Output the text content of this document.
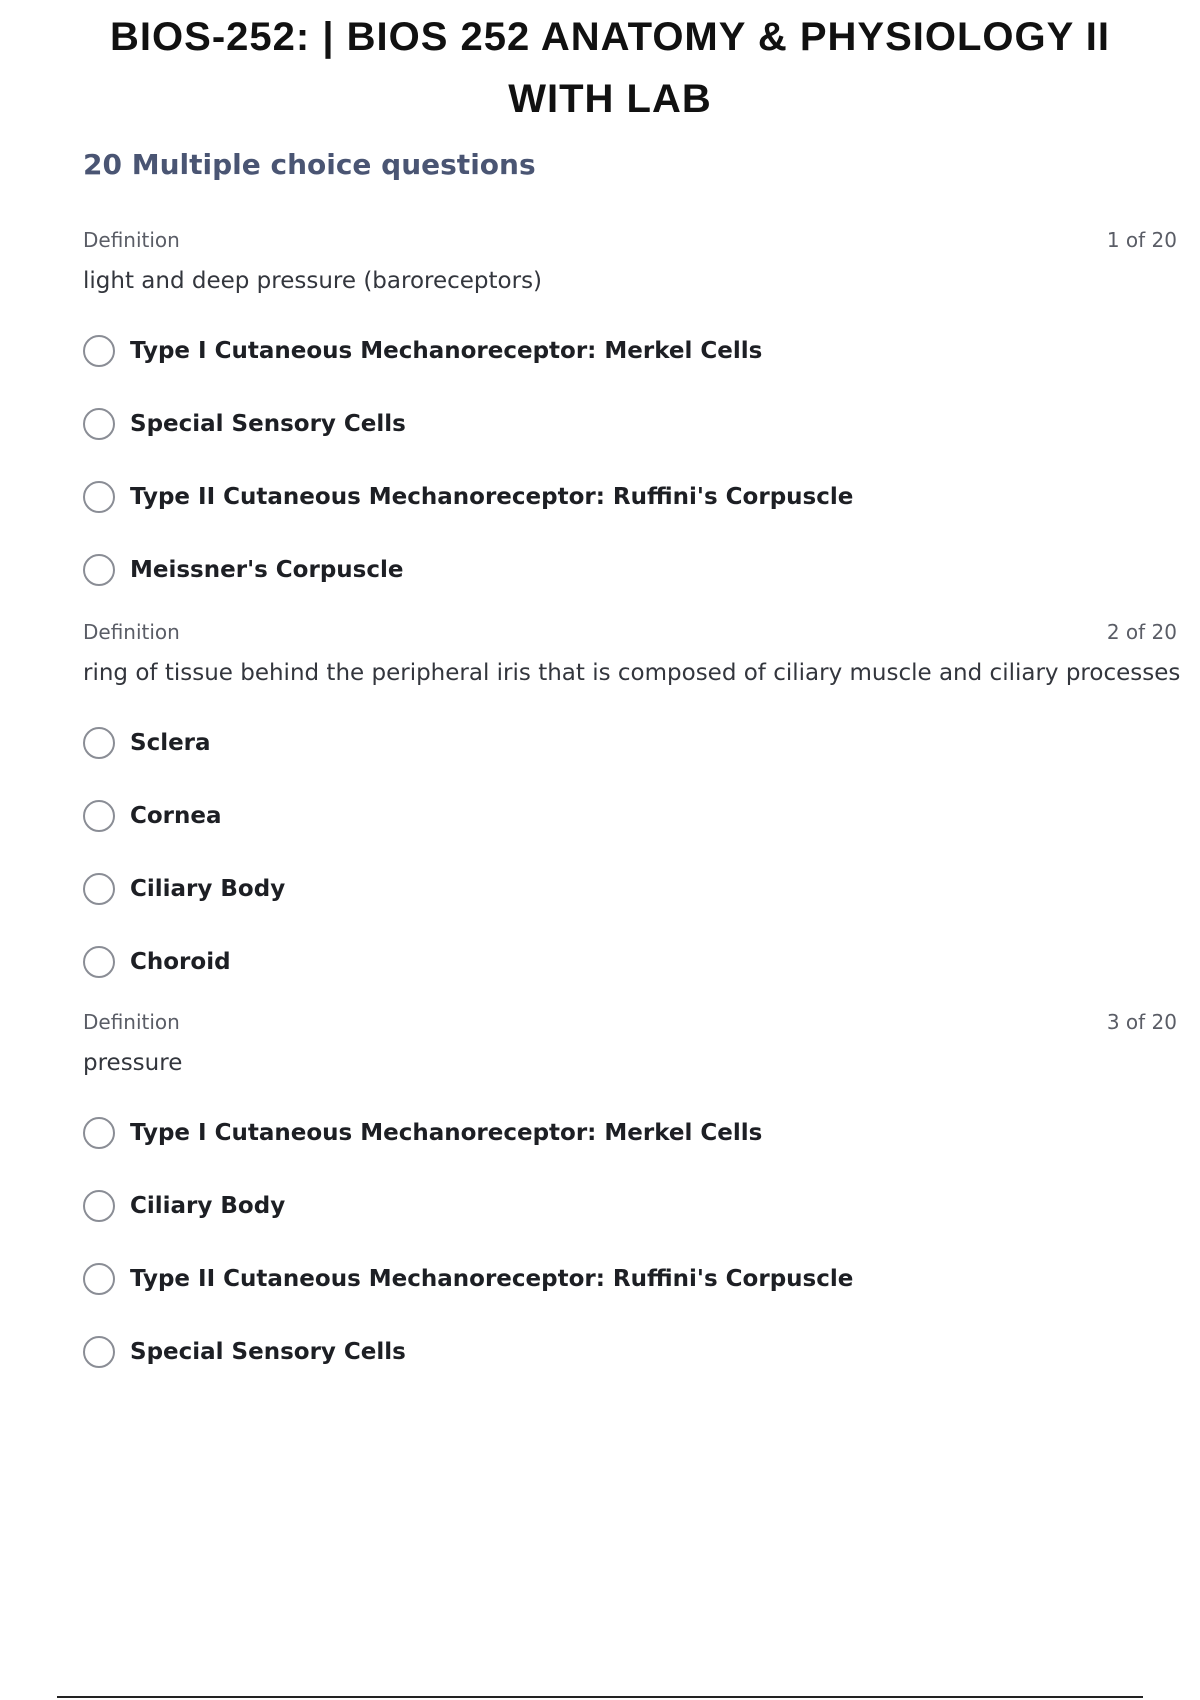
BIOS-252: | BIOS 252 ANATOMY & PHYSIOLOGY II WITH LAB
20 Multiple choice questions
Definition	1 of 20
light and deep pressure (baroreceptors)
Type I Cutaneous Mechanoreceptor: Merkel Cells
Special Sensory Cells
Type II Cutaneous Mechanoreceptor: Ruffini's Corpuscle
Meissner's Corpuscle
Definition	2 of 20
ring of tissue behind the peripheral iris that is composed of ciliary muscle and ciliary processes
Sclera
Cornea
Ciliary Body
Choroid
Definition	3 of 20
pressure
Type I Cutaneous Mechanoreceptor: Merkel Cells
Ciliary Body
Type II Cutaneous Mechanoreceptor: Ruffini's Corpuscle
Special Sensory Cells
